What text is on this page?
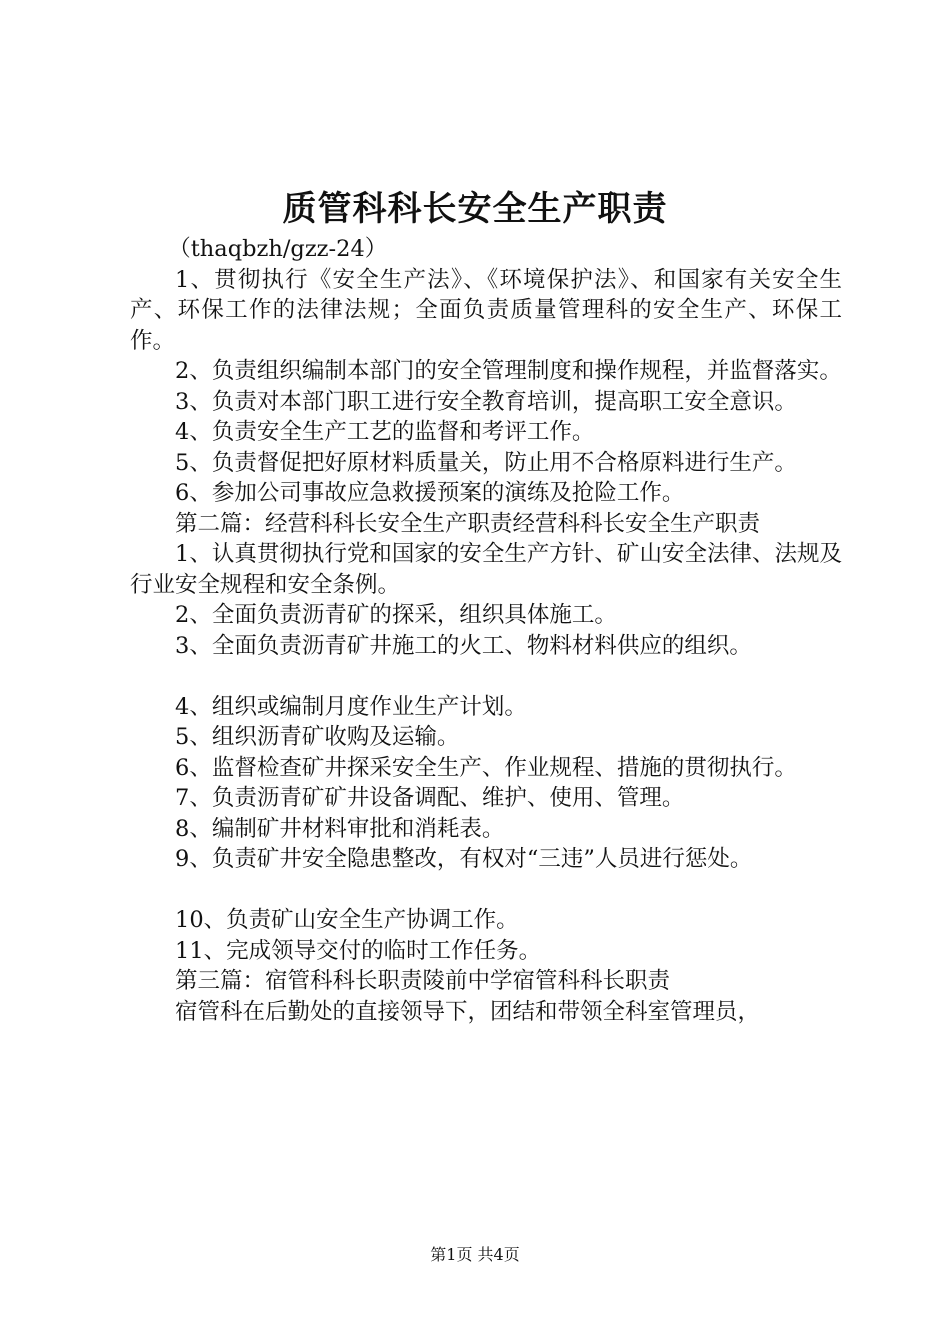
质管科科长安全生产职责

（thaqbzh/gzz-24）

1、贯彻执行《安全生产法》、《环境保护法》、和国家有关安全生产、环保工作的法律法规；全面负责质量管理科的安全生产、环保工作。

2、负责组织编制本部门的安全管理制度和操作规程，并监督落实。

3、负责对本部门职工进行安全教育培训，提高职工安全意识。

4、负责安全生产工艺的监督和考评工作。

5、负责督促把好原材料质量关，防止用不合格原料进行生产。

6、参加公司事故应急救援预案的演练及抢险工作。

第二篇：经营科科长安全生产职责经营科科长安全生产职责

1、认真贯彻执行党和国家的安全生产方针、矿山安全法律、法规及行业安全规程和安全条例。

2、全面负责沥青矿的探采，组织具体施工。

3、全面负责沥青矿井施工的火工、物料材料供应的组织。

4、组织或编制月度作业生产计划。

5、组织沥青矿收购及运输。

6、监督检查矿井探采安全生产、作业规程、措施的贯彻执行。

7、负责沥青矿矿井设备调配、维护、使用、管理。

8、编制矿井材料审批和消耗表。

9、负责矿井安全隐患整改，有权对“三违”人员进行惩处。

10、负责矿山安全生产协调工作。

11、完成领导交付的临时工作任务。

第三篇：宿管科科长职责陵前中学宿管科科长职责

宿管科在后勤处的直接领导下，团结和带领全科室管理员，

第1页 共4页
